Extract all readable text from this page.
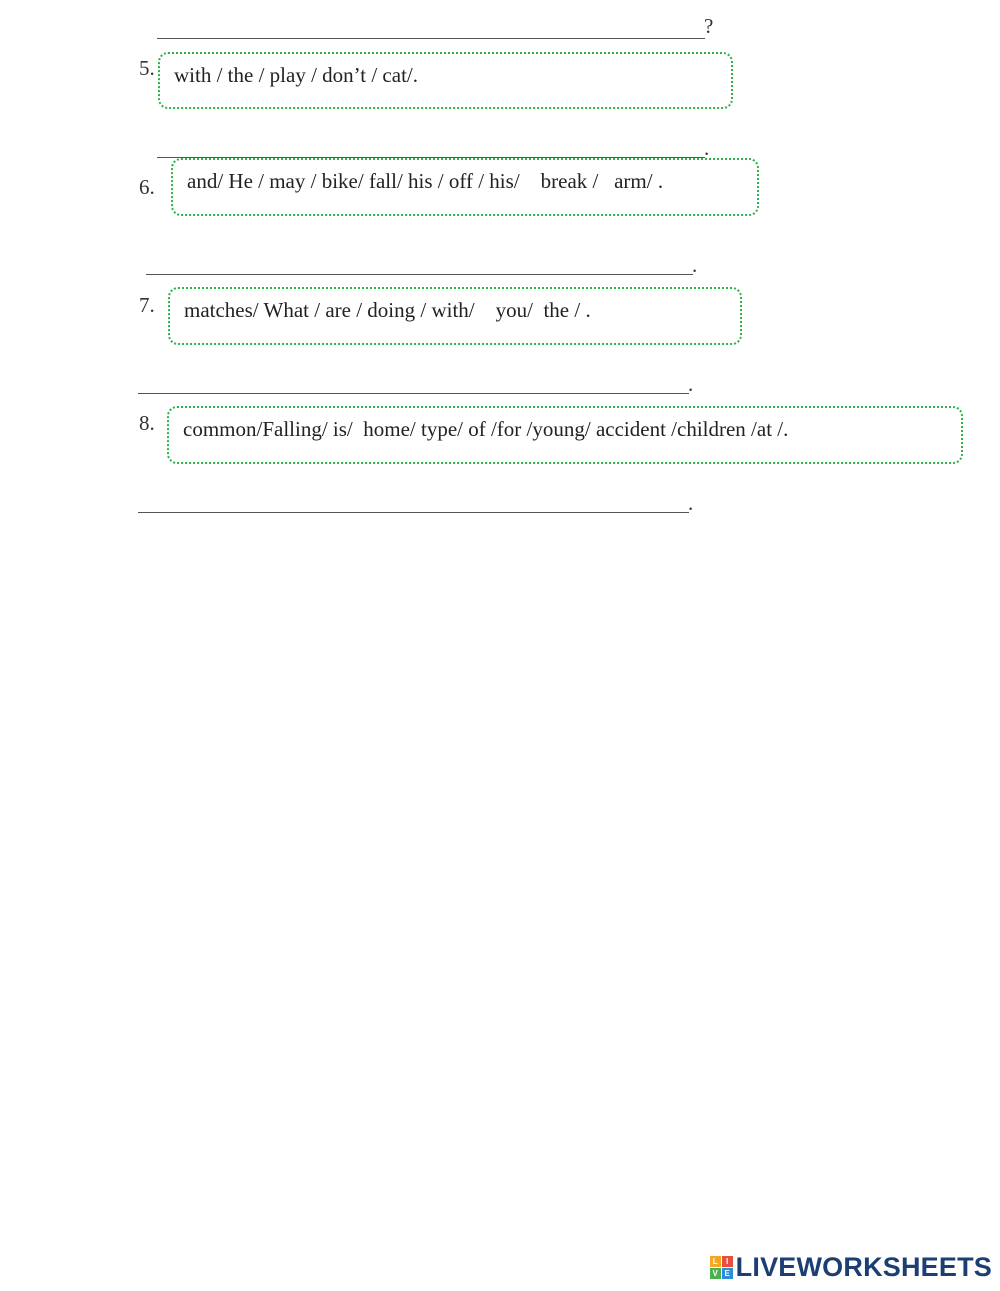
?
5. with / the / play / don’t / cat/.
.
6. and/ He / may / bike/ fall/ his / off / his/    break /   arm/ .
.
7. matches/ What / are / doing / with/    you/  the / .
.
8. common/Falling/ is/  home/ type/ of /for /young/ accident /children /at /.
.
L	I
V E LIVEWORKSHEETS
